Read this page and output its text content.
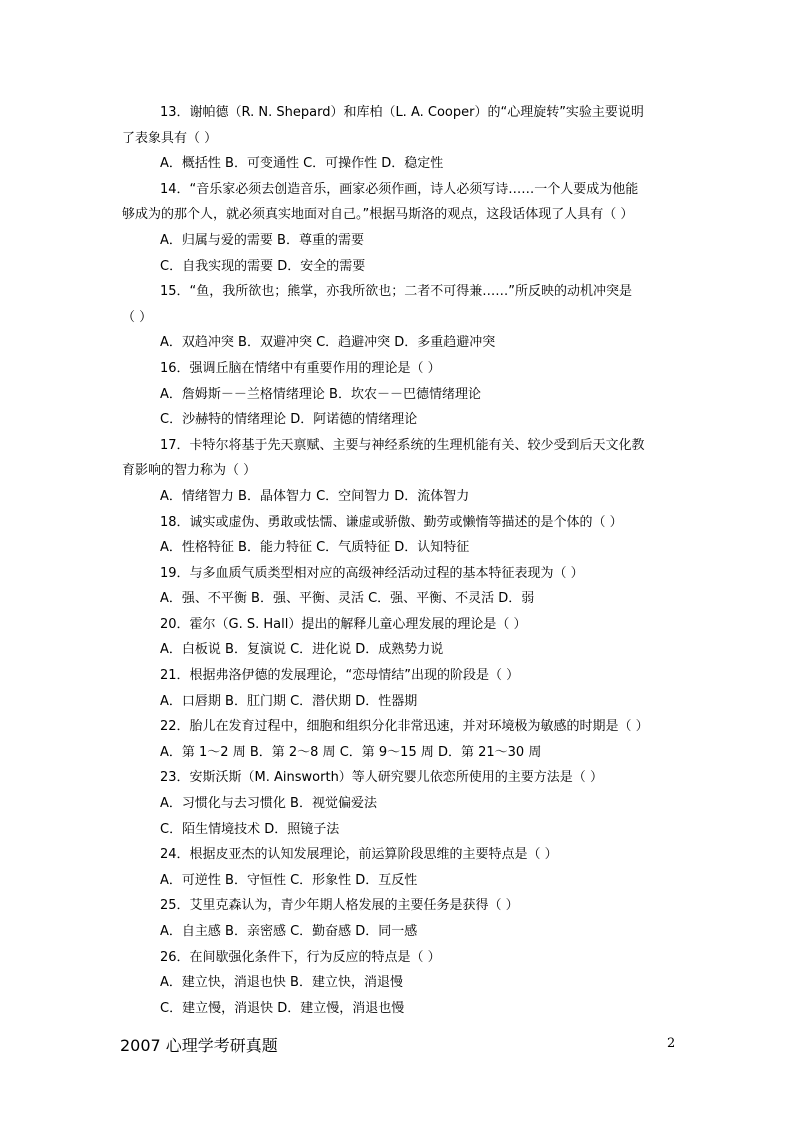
13．谢帕德（R. N. Shepard）和库柏（L. A. Cooper）的“心理旋转”实验主要说明
了表象具有（ ）
A．概括性 B．可变通性 C．可操作性 D．稳定性
14．“音乐家必须去创造音乐，画家必须作画，诗人必须写诗……一个人要成为他能
够成为的那个人，就必须真实地面对自己。”根据马斯洛的观点，这段话体现了人具有（ ）
A．归属与爱的需要 B．尊重的需要
C．自我实现的需要 D．安全的需要
15．“鱼，我所欲也；熊掌，亦我所欲也；二者不可得兼……”所反映的动机冲突是
（ ）
A．双趋冲突 B．双避冲突 C．趋避冲突 D．多重趋避冲突
16．强调丘脑在情绪中有重要作用的理论是（ ）
A．詹姆斯－－兰格情绪理论 B．坎农－－巴德情绪理论
C．沙赫特的情绪理论 D．阿诺德的情绪理论
17．卡特尔将基于先天禀赋、主要与神经系统的生理机能有关、较少受到后天文化教
育影响的智力称为（ ）
A．情绪智力 B．晶体智力 C．空间智力 D．流体智力
18．诚实或虚伪、勇敢或怯懦、谦虚或骄傲、勤劳或懒惰等描述的是个体的（ ）
A．性格特征 B．能力特征 C．气质特征 D．认知特征
19．与多血质气质类型相对应的高级神经活动过程的基本特征表现为（ ）
A．强、不平衡 B．强、平衡、灵活 C．强、平衡、不灵活 D．弱
20．霍尔（G. S. Hall）提出的解释儿童心理发展的理论是（ ）
A．白板说 B．复演说 C．进化说 D．成熟势力说
21．根据弗洛伊德的发展理论，“恋母情结”出现的阶段是（ ）
A．口唇期 B．肛门期 C．潜伏期 D．性器期
22．胎儿在发育过程中，细胞和组织分化非常迅速，并对环境极为敏感的时期是（ ）
A．第 1～2 周 B．第 2～8 周 C．第 9～15 周 D．第 21～30 周
23．安斯沃斯（M. Ainsworth）等人研究婴儿依恋所使用的主要方法是（ ）
A．习惯化与去习惯化 B．视觉偏爱法
C．陌生情境技术 D．照镜子法
24．根据皮亚杰的认知发展理论，前运算阶段思维的主要特点是（ ）
A．可逆性 B．守恒性 C．形象性 D．互反性
25．艾里克森认为，青少年期人格发展的主要任务是获得（ ）
A．自主感 B．亲密感 C．勤奋感 D．同一感
26．在间歇强化条件下，行为反应的特点是（ ）
A．建立快，消退也快 B．建立快，消退慢
C．建立慢，消退快 D．建立慢，消退也慢
2007 心理学考研真题	2
